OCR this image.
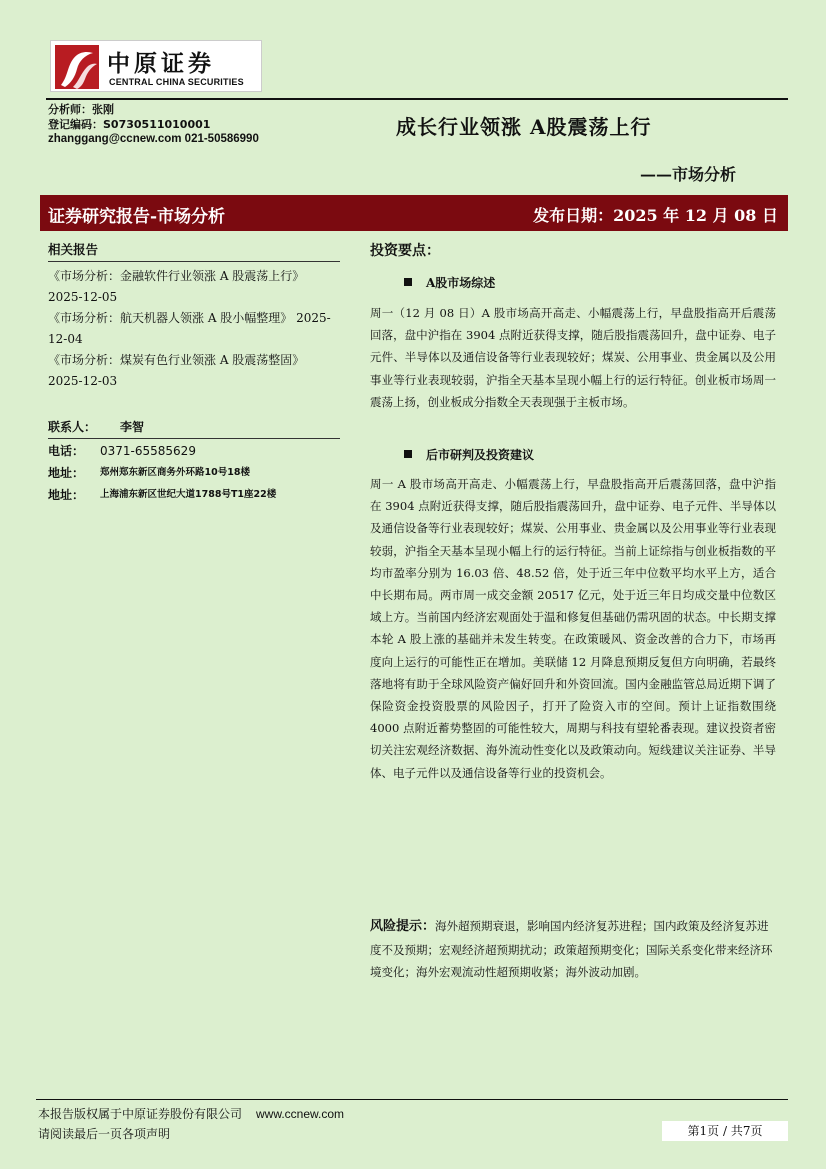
中原证券
CENTRAL CHINA SECURITIES
分析师：张刚
登记编码：S0730511010001
zhanggang@ccnew.com 021-50586990	成长行业领涨 A股震荡上行
——市场分析
证券研究报告-市场分析	发布日期：2025 年 12 月 08 日
相关报告
《市场分析：金融软件行业领涨 A 股震荡上行》 2025-12-05
《市场分析：航天机器人领涨 A 股小幅整理》 2025-12-04
《市场分析：煤炭有色行业领涨 A 股震荡整固》 2025-12-03
联系人：	李智
电话：	0371-65585629
地址：	郑州郑东新区商务外环路10号18楼
地址：	上海浦东新区世纪大道1788号T1座22楼
投资要点：
A股市场综述
周一（12 月 08 日）A 股市场高开高走、小幅震荡上行，早盘股指高开后震荡回落，盘中沪指在 3904 点附近获得支撑，随后股指震荡回升，盘中证券、电子元件、半导体以及通信设备等行业表现较好；煤炭、公用事业、贵金属以及公用事业等行业表现较弱，沪指全天基本呈现小幅上行的运行特征。创业板市场周一震荡上扬，创业板成分指数全天表现强于主板市场。
后市研判及投资建议
周一 A 股市场高开高走、小幅震荡上行，早盘股指高开后震荡回落，盘中沪指在 3904 点附近获得支撑，随后股指震荡回升，盘中证券、电子元件、半导体以及通信设备等行业表现较好；煤炭、公用事业、贵金属以及公用事业等行业表现较弱，沪指全天基本呈现小幅上行的运行特征。当前上证综指与创业板指数的平均市盈率分别为 16.03 倍、48.52 倍，处于近三年中位数平均水平上方，适合中长期布局。两市周一成交金额 20517 亿元，处于近三年日均成交量中位数区域上方。当前国内经济宏观面处于温和修复但基础仍需巩固的状态。中长期支撑本轮 A 股上涨的基础并未发生转变。在政策暖风、资金改善的合力下，市场再度向上运行的可能性正在增加。美联储 12 月降息预期反复但方向明确，若最终落地将有助于全球风险资产偏好回升和外资回流。国内金融监管总局近期下调了保险资金投资股票的风险因子，打开了险资入市的空间。预计上证指数围绕 4000 点附近蓄势整固的可能性较大，周期与科技有望轮番表现。建议投资者密切关注宏观经济数据、海外流动性变化以及政策动向。短线建议关注证券、半导体、电子元件以及通信设备等行业的投资机会。
风险提示：海外超预期衰退，影响国内经济复苏进程；国内政策及经济复苏进度不及预期；宏观经济超预期扰动；政策超预期变化；国际关系变化带来经济环境变化；海外宏观流动性超预期收紧；海外波动加剧。
本报告版权属于中原证券股份有限公司 www.ccnew.com
请阅读最后一页各项声明	第1页 / 共7页
